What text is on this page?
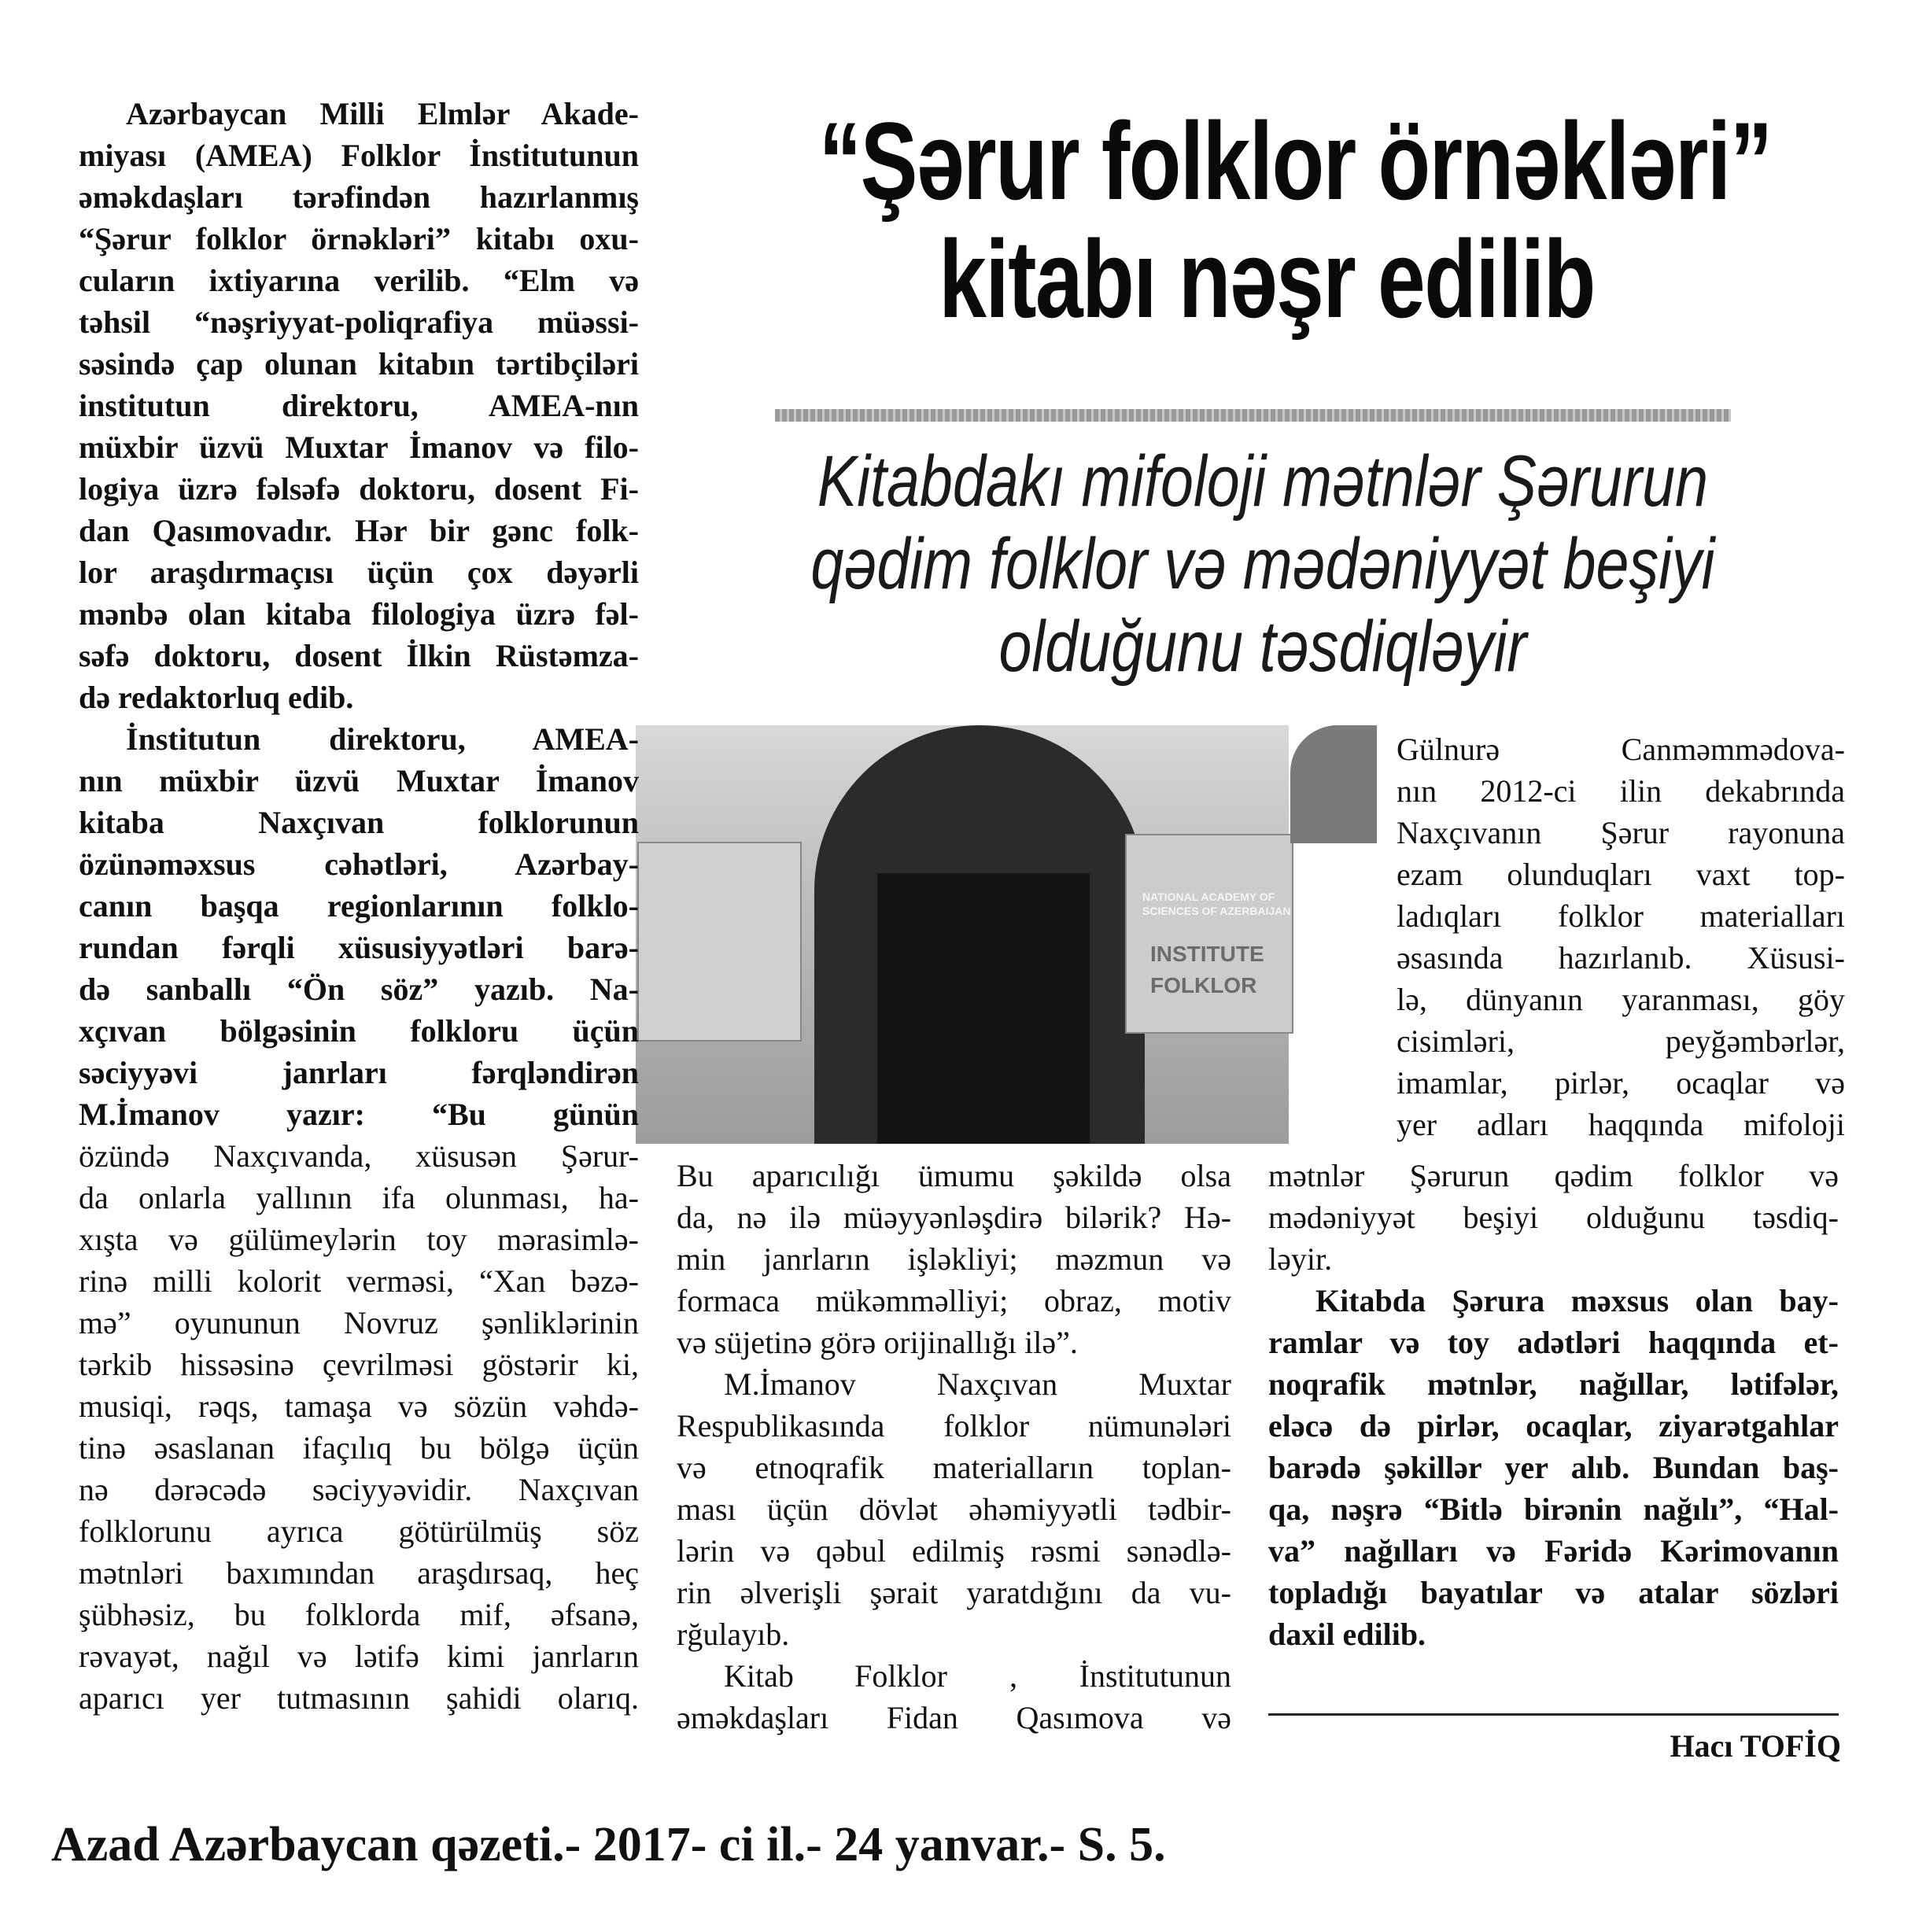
“Şərur folklor örnəkləri”
kitabı nəşr edilib
Kitabdakı mifoloji mətnlər Şərurun
qədim folklor və mədəniyyət beşiyi
olduğunu təsdiqləyir
NATIONAL ACADEMY OF
SCIENCES OF AZERBAIJAN
INSTITUTE
FOLKLOR
Azərbaycan Milli Elmlər Akade-
miyası (AMEA) Folklor İnstitutunun
əməkdaşları tərəfindən hazırlanmış
“Şərur folklor örnəkləri” kitabı oxu-
cuların ixtiyarına verilib. “Elm və
təhsil “nəşriyyat-poliqrafiya müəssi-
səsində çap olunan kitabın tərtibçiləri
institutun direktoru, AMEA-nın
müxbir üzvü Muxtar İmanov və filo-
logiya üzrə fəlsəfə doktoru, dosent Fi-
dan Qasımovadır. Hər bir gənc folk-
lor araşdırmaçısı üçün çox dəyərli
mənbə olan kitaba filologiya üzrə fəl-
səfə doktoru, dosent İlkin Rüstəmza-
də redaktorluq edib.
İnstitutun direktoru, AMEA-
nın müxbir üzvü Muxtar İmanov
kitaba Naxçıvan folklorunun
özünəməxsus cəhətləri, Azərbay-
canın başqa regionlarının folklo-
rundan fərqli xüsusiyyətləri barə-
də sanballı “Ön söz” yazıb. Na-
xçıvan bölgəsinin folkloru üçün
səciyyəvi janrları fərqləndirən
M.İmanov yazır: “Bu günün
özündə Naxçıvanda, xüsusən Şərur-
da onlarla yallının ifa olunması, ha-
xışta və gülümeylərin toy mərasimlə-
rinə milli kolorit verməsi, “Xan bəzə-
mə” oyununun Novruz şənliklərinin
tərkib hissəsinə çevrilməsi göstərir ki,
musiqi, rəqs, tamaşa və sözün vəhdə-
tinə əsaslanan ifaçılıq bu bölgə üçün
nə dərəcədə səciyyəvidir. Naxçıvan
folklorunu ayrıca götürülmüş söz
mətnləri baxımından araşdırsaq, heç
şübhəsiz, bu folklorda mif, əfsanə,
rəvayət, nağıl və lətifə kimi janrların
aparıcı yer tutmasının şahidi olarıq.
Gülnurə Canməmmədova-
nın 2012-ci ilin dekabrında
Naxçıvanın Şərur rayonuna
ezam olunduqları vaxt top-
ladıqları folklor materialları
əsasında hazırlanıb. Xüsusi-
lə, dünyanın yaranması, göy
cisimləri, peyğəmbərlər,
imamlar, pirlər, ocaqlar və
yer adları haqqında mifoloji
Bu aparıcılığı ümumu şəkildə olsa
da, nə ilə müəyyənləşdirə bilərik? Hə-
min janrların işləkliyi; məzmun və
formaca mükəmməlliyi; obraz, motiv
və süjetinə görə orijinallığı ilə”.
M.İmanov Naxçıvan Muxtar
Respublikasında folklor nümunələri
və etnoqrafik materialların toplan-
ması üçün dövlət əhəmiyyətli tədbir-
lərin və qəbul edilmiş rəsmi sənədlə-
rin əlverişli şərait yaratdığını da vu-
rğulayıb.
Kitab Folklor ‚ İnstitutunun
əməkdaşları Fidan Qasımova və
mətnlər Şərurun qədim folklor və
mədəniyyət beşiyi olduğunu təsdiq-
ləyir.
Kitabda Şərura məxsus olan bay-
ramlar və toy adətləri haqqında et-
noqrafik mətnlər, nağıllar, lətifələr,
eləcə də pirlər, ocaqlar, ziyarətgahlar
barədə şəkillər yer alıb. Bundan baş-
qa, nəşrə “Bitlə birənin nağılı”, “Hal-
va” nağılları və Fəridə Kərimovanın
topladığı bayatılar və atalar sözləri
daxil edilib.
Hacı TOFİQ
Azad Azərbaycan qəzeti.- 2017- ci il.- 24 yanvar.- S. 5.
